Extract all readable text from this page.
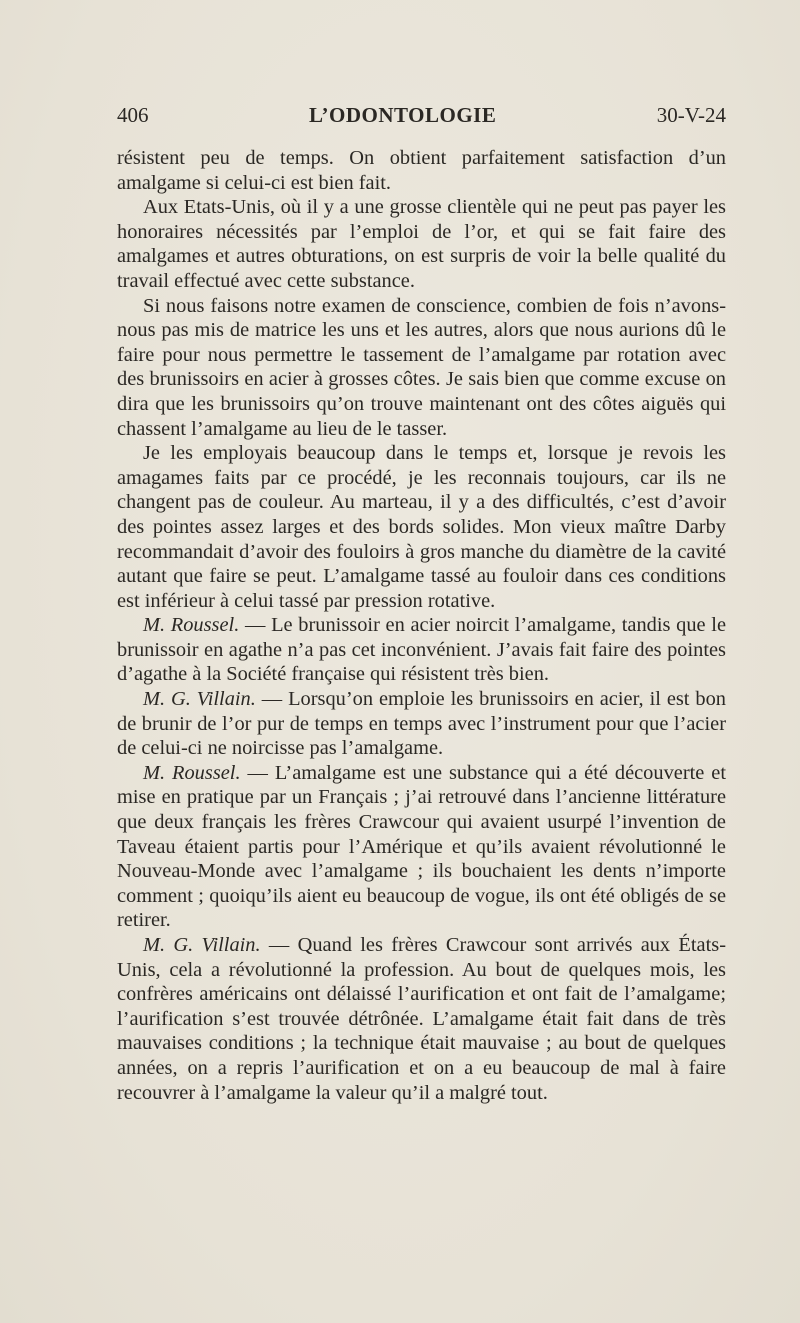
406	L’ODONTOLOGIE	30-V-24

résistent peu de temps. On obtient parfaitement satisfaction d’un amalgame si celui-ci est bien fait.

Aux Etats-Unis, où il y a une grosse clientèle qui ne peut pas payer les honoraires nécessités par l’emploi de l’or, et qui se fait faire des amalgames et autres obturations, on est surpris de voir la belle qualité du travail effectué avec cette substance.

Si nous faisons notre examen de conscience, combien de fois n’avons-nous pas mis de matrice les uns et les autres, alors que nous aurions dû le faire pour nous permettre le tassement de l’amalgame par rotation avec des brunissoirs en acier à grosses côtes. Je sais bien que comme excuse on dira que les brunissoirs qu’on trouve maintenant ont des côtes aiguës qui chassent l’amalgame au lieu de le tasser.

Je les employais beaucoup dans le temps et, lorsque je revois les amagames faits par ce procédé, je les reconnais toujours, car ils ne changent pas de couleur. Au marteau, il y a des difficultés, c’est d’avoir des pointes assez larges et des bords solides. Mon vieux maître Darby recommandait d’avoir des fouloirs à gros manche du diamètre de la cavité autant que faire se peut. L’amalgame tassé au fouloir dans ces conditions est inférieur à celui tassé par pression rotative.

M. Roussel. — Le brunissoir en acier noircit l’amalgame, tandis que le brunissoir en agathe n’a pas cet inconvénient. J’avais fait faire des pointes d’agathe à la Société française qui résistent très bien.

M. G. Villain. — Lorsqu’on emploie les brunissoirs en acier, il est bon de brunir de l’or pur de temps en temps avec l’instrument pour que l’acier de celui-ci ne noircisse pas l’amalgame.

M. Roussel. — L’amalgame est une substance qui a été découverte et mise en pratique par un Français ; j’ai retrouvé dans l’ancienne littérature que deux français les frères Crawcour qui avaient usurpé l’invention de Taveau étaient partis pour l’Amérique et qu’ils avaient révolutionné le Nouveau-Monde avec l’amalgame ; ils bouchaient les dents n’importe comment ; quoiqu’ils aient eu beaucoup de vogue, ils ont été obligés de se retirer.

M. G. Villain. — Quand les frères Crawcour sont arrivés aux États-Unis, cela a révolutionné la profession. Au bout de quelques mois, les confrères américains ont délaissé l’aurification et ont fait de l’amalgame; l’aurification s’est trouvée détrônée. L’amalgame était fait dans de très mauvaises conditions ; la technique était mauvaise ; au bout de quelques années, on a repris l’aurification et on a eu beaucoup de mal à faire recouvrer à l’amalgame la valeur qu’il a malgré tout.
